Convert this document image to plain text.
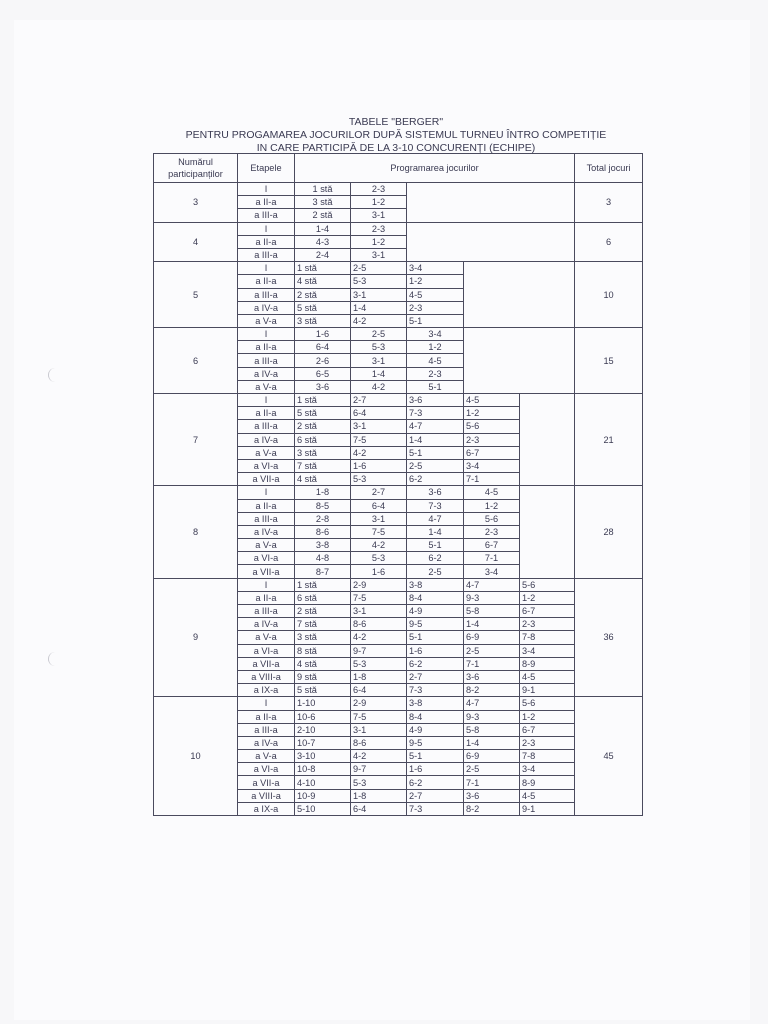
TABELE "BERGER"
PENTRU PROGAMAREA JOCURILOR DUPĂ SISTEMUL TURNEU ÎNTRO COMPETIȚIE
IN CARE PARTICIPĂ DE LA 3-10 CONCURENȚI (ECHIPE)
Numărul participanților	Etapele	Programarea jocurilor					Total jocuri
3	I	1 stă	2-3				3
	a II-a	3 stă	1-2				
	a III-a	2 stă	3-1				
4	I	1-4	2-3				6
	a II-a	4-3	1-2				
	a III-a	2-4	3-1				
5	I	1 stă	2-5	3-4			10
	a II-a	4 stă	5-3	1-2			
	a III-a	2 stă	3-1	4-5			
	a IV-a	5 stă	1-4	2-3			
	a V-a	3 stă	4-2	5-1			
6	I	1-6	2-5	3-4			15
	a II-a	6-4	5-3	1-2			
	a III-a	2-6	3-1	4-5			
	a IV-a	6-5	1-4	2-3			
	a V-a	3-6	4-2	5-1			
7	I	1 stă	2-7	3-6	4-5		21
	a II-a	5 stă	6-4	7-3	1-2		
	a III-a	2 stă	3-1	4-7	5-6		
	a IV-a	6 stă	7-5	1-4	2-3		
	a V-a	3 stă	4-2	5-1	6-7		
	a VI-a	7 stă	1-6	2-5	3-4		
	a VII-a	4 stă	5-3	6-2	7-1		
8	I	1-8	2-7	3-6	4-5		28
	a II-a	8-5	6-4	7-3	1-2		
	a III-a	2-8	3-1	4-7	5-6		
	a IV-a	8-6	7-5	1-4	2-3		
	a V-a	3-8	4-2	5-1	6-7		
	a VI-a	4-8	5-3	6-2	7-1		
	a VII-a	8-7	1-6	2-5	3-4		
9	I	1 stă	2-9	3-8	4-7	5-6	36
	a II-a	6 stă	7-5	8-4	9-3	1-2	
	a III-a	2 stă	3-1	4-9	5-8	6-7	
	a IV-a	7 stă	8-6	9-5	1-4	2-3	
	a V-a	3 stă	4-2	5-1	6-9	7-8	
	a VI-a	8 stă	9-7	1-6	2-5	3-4	
	a VII-a	4 stă	5-3	6-2	7-1	8-9	
	a VIII-a	9 stă	1-8	2-7	3-6	4-5	
	a IX-a	5 stă	6-4	7-3	8-2	9-1	
10	I	1-10	2-9	3-8	4-7	5-6	45
	a II-a	10-6	7-5	8-4	9-3	1-2	
	a III-a	2-10	3-1	4-9	5-8	6-7	
	a IV-a	10-7	8-6	9-5	1-4	2-3	
	a V-a	3-10	4-2	5-1	6-9	7-8	
	a VI-a	10-8	9-7	1-6	2-5	3-4	
	a VII-a	4-10	5-3	6-2	7-1	8-9	
	a VIII-a	10-9	1-8	2-7	3-6	4-5	
	a IX-a	5-10	6-4	7-3	8-2	9-1	
